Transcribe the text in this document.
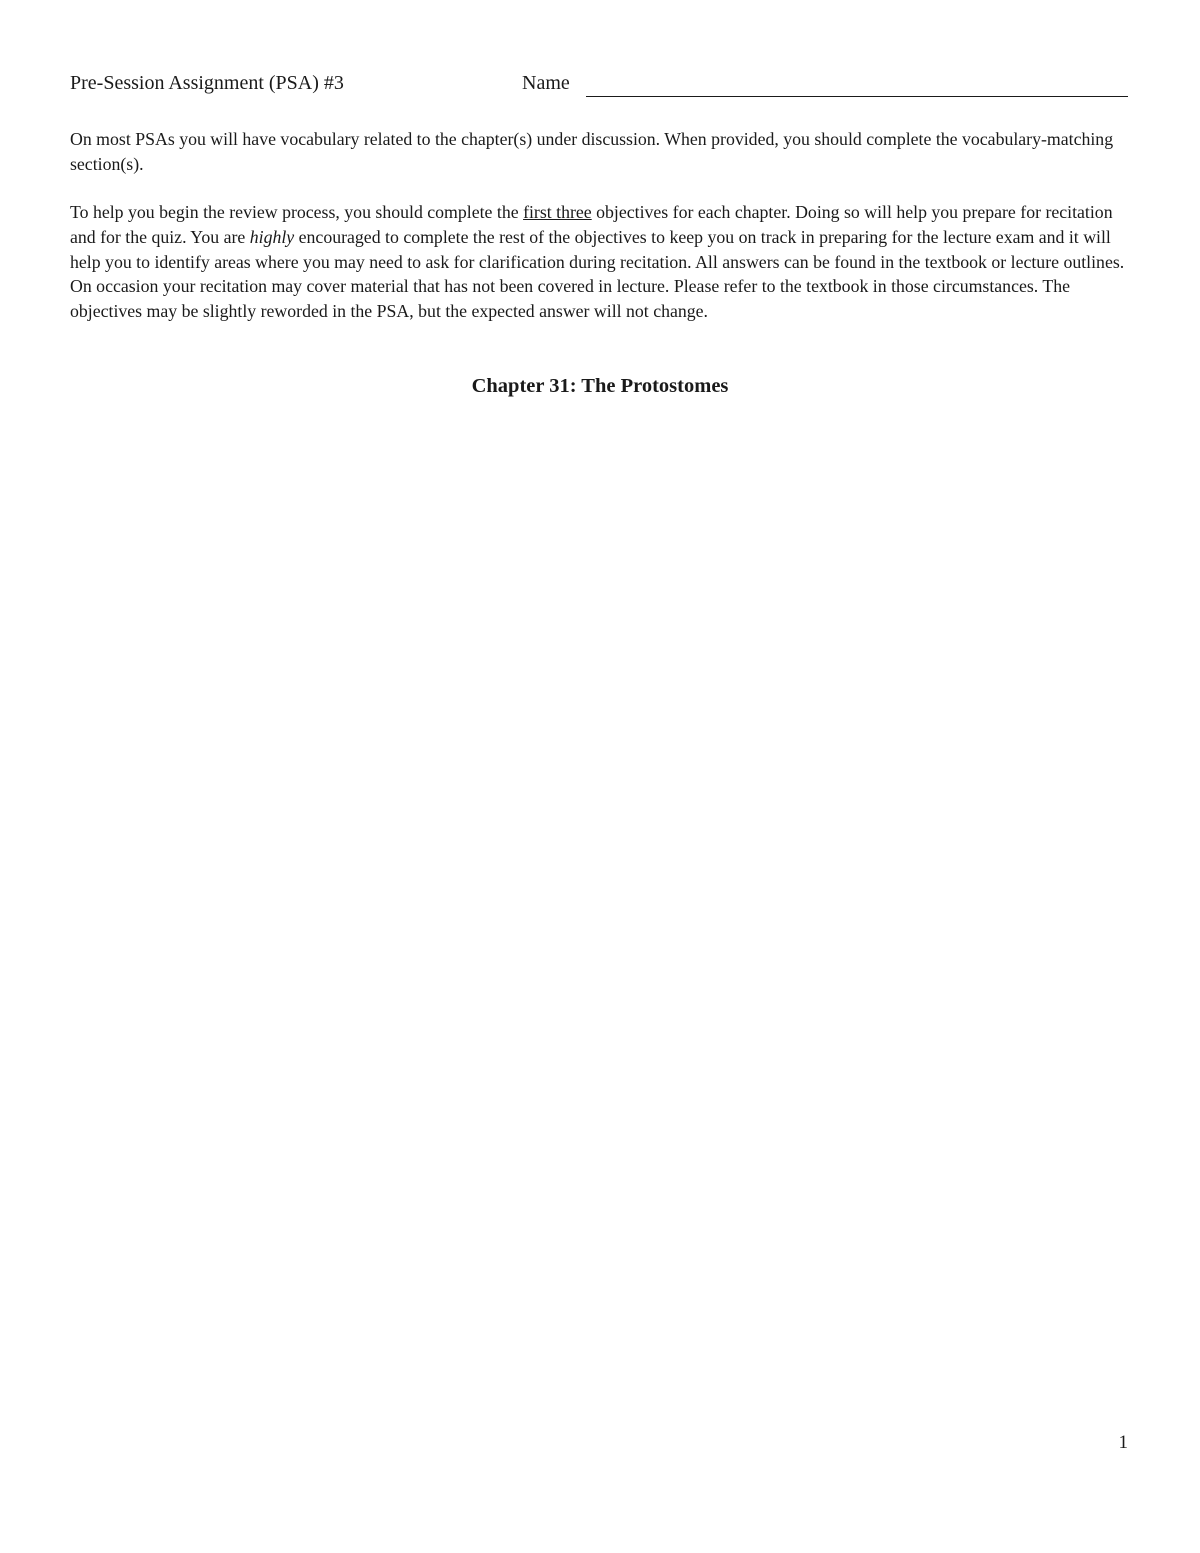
Pre-Session Assignment (PSA) #3	Name

On most PSAs you will have vocabulary related to the chapter(s) under discussion. When provided, you should complete the vocabulary-matching section(s).

To help you begin the review process, you should complete the first three objectives for each chapter. Doing so will help you prepare for recitation and for the quiz. You are highly encouraged to complete the rest of the objectives to keep you on track in preparing for the lecture exam and it will help you to identify areas where you may need to ask for clarification during recitation. All answers can be found in the textbook or lecture outlines. On occasion your recitation may cover material that has not been covered in lecture. Please refer to the textbook in those circumstances. The objectives may be slightly reworded in the PSA, but the expected answer will not change.

Chapter 31: The Protostomes
1
